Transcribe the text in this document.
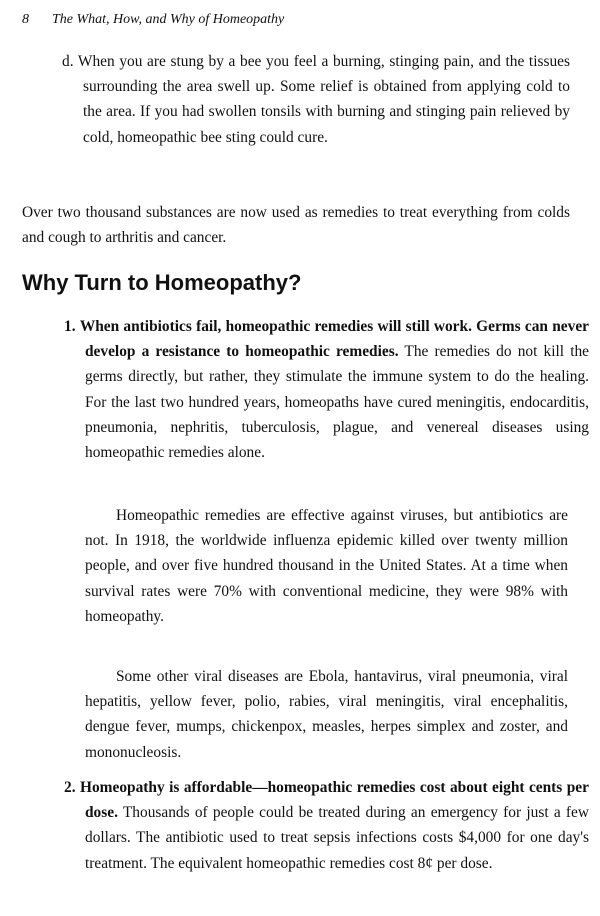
8 The What, How, and Why of Homeopathy
d. When you are stung by a bee you feel a burning, stinging pain, and the tissues surrounding the area swell up. Some relief is obtained from applying cold to the area. If you had swollen tonsils with burning and stinging pain relieved by cold, homeopathic bee sting could cure.
Over two thousand substances are now used as remedies to treat everything from colds and cough to arthritis and cancer.
Why Turn to Homeopathy?
1. When antibiotics fail, homeopathic remedies will still work. Germs can never develop a resistance to homeopathic remedies. The remedies do not kill the germs directly, but rather, they stimulate the immune system to do the healing. For the last two hundred years, homeopaths have cured meningitis, endocarditis, pneumonia, nephritis, tuberculosis, plague, and venereal diseases using homeopathic remedies alone.
Homeopathic remedies are effective against viruses, but antibiotics are not. In 1918, the worldwide influenza epidemic killed over twenty million people, and over five hundred thousand in the United States. At a time when survival rates were 70% with conventional medicine, they were 98% with homeopathy.
Some other viral diseases are Ebola, hantavirus, viral pneumonia, viral hepatitis, yellow fever, polio, rabies, viral meningitis, viral encephalitis, dengue fever, mumps, chickenpox, measles, herpes simplex and zoster, and mononucleosis.
2. Homeopathy is affordable—homeopathic remedies cost about eight cents per dose. Thousands of people could be treated during an emergency for just a few dollars. The antibiotic used to treat sepsis infections costs $4,000 for one day's treatment. The equivalent homeopathic remedies cost 8¢ per dose.
